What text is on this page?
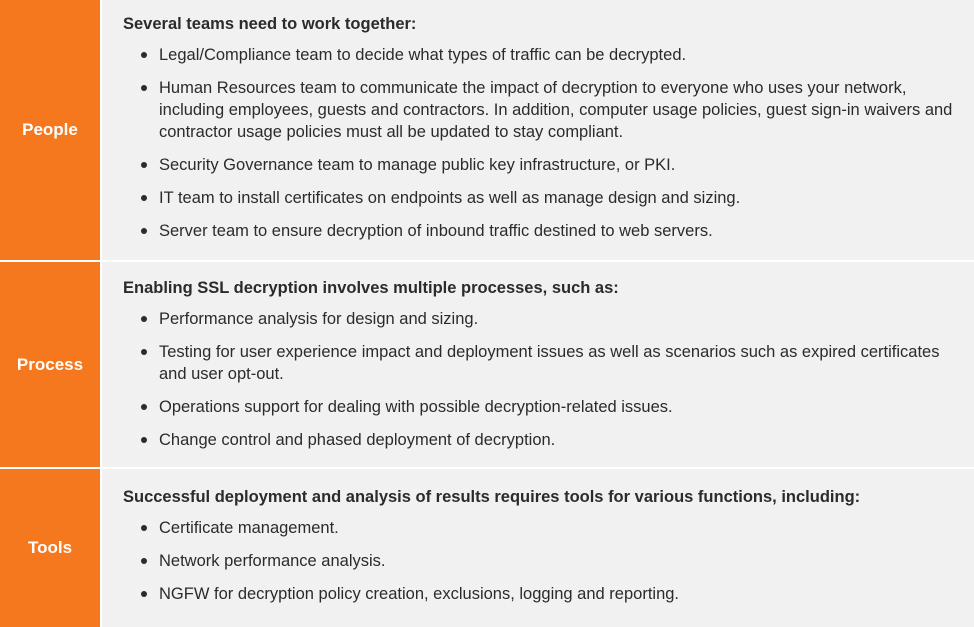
People
Several teams need to work together:
Legal/Compliance team to decide what types of traffic can be decrypted.
Human Resources team to communicate the impact of decryption to everyone who uses your network, including employees, guests and contractors. In addition, computer usage policies, guest sign-in waivers and contractor usage policies must all be updated to stay compliant.
Security Governance team to manage public key infrastructure, or PKI.
IT team to install certificates on endpoints as well as manage design and sizing.
Server team to ensure decryption of inbound traffic destined to web servers.
Process
Enabling SSL decryption involves multiple processes, such as:
Performance analysis for design and sizing.
Testing for user experience impact and deployment issues as well as scenarios such as expired certificates and user opt-out.
Operations support for dealing with possible decryption-related issues.
Change control and phased deployment of decryption.
Tools
Successful deployment and analysis of results requires tools for various functions, including:
Certificate management.
Network performance analysis.
NGFW for decryption policy creation, exclusions, logging and reporting.
